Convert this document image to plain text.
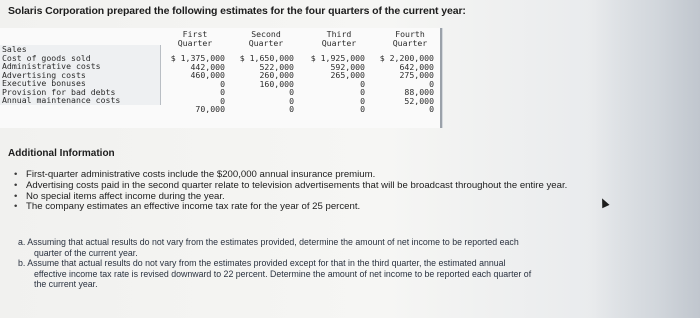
Solaris Corporation prepared the following estimates for the four quarters of the current year:
Sales
Cost of goods sold
Administrative costs
Advertising costs
Executive bonuses
Provision for bad debts
Annual maintenance costs
First Quarter
$ 1,375,000
442,000
460,000
0
0
0
70,000
Second Quarter
$ 1,650,000
522,000
260,000
160,000
0
0
0
Third Quarter
$ 1,925,000
592,000
265,000
0
0
0
0
Fourth Quarter
$ 2,200,000
642,000
275,000
0
88,000
52,000
0
Additional Information
• First-quarter administrative costs include the $200,000 annual insurance premium.
• Advertising costs paid in the second quarter relate to television advertisements that will be broadcast throughout the entire year.
• No special items affect income during the year.
• The company estimates an effective income tax rate for the year of 25 percent.
a. Assuming that actual results do not vary from the estimates provided, determine the amount of net income to be reported each
quarter of the current year.
b. Assume that actual results do not vary from the estimates provided except for that in the third quarter, the estimated annual
effective income tax rate is revised downward to 22 percent. Determine the amount of net income to be reported each quarter of
the current year.
